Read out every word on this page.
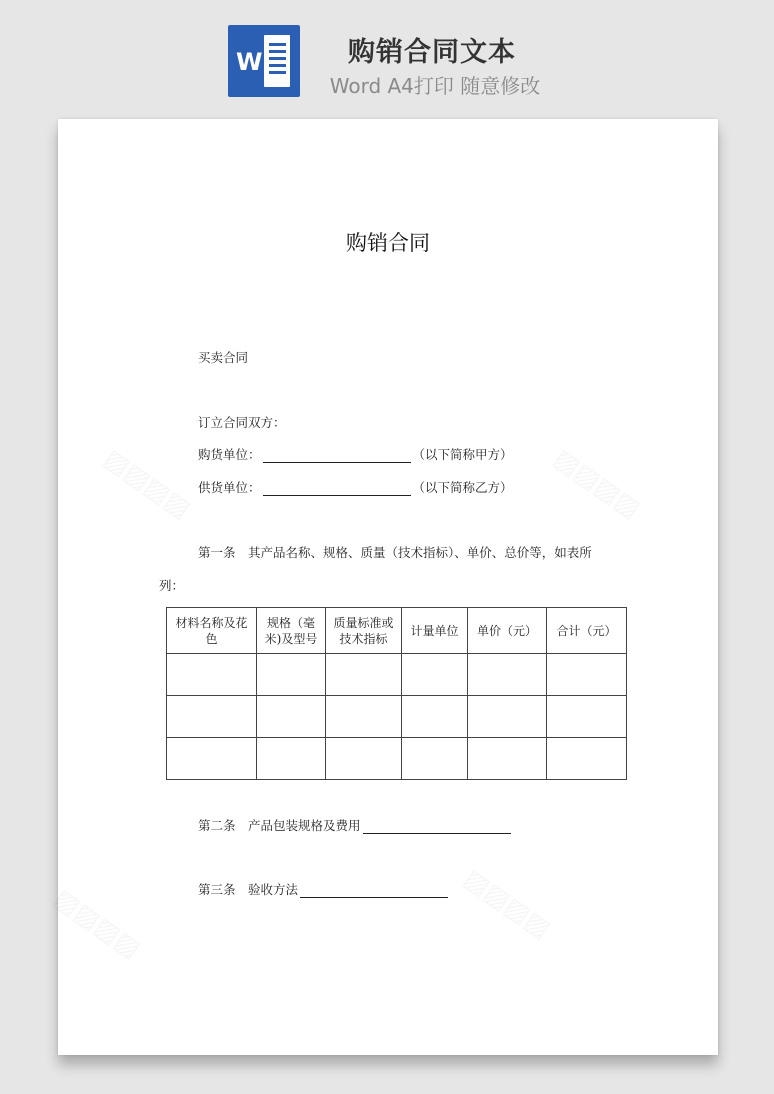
W	购销合同文本
Word A4打印 随意修改
购销合同
买卖合同
订立合同双方：
购货单位：	（以下简称甲方）
供货单位：	（以下简称乙方）
第一条　其产品名称、规格、质量（技术指标）、单价、总价等，如表所
列：
材料名称及花色	规格（毫米)及型号	质量标准或技术指标	计量单位	单价（元）	合计（元）

第二条　产品包装规格及费用
第三条　验收方法
